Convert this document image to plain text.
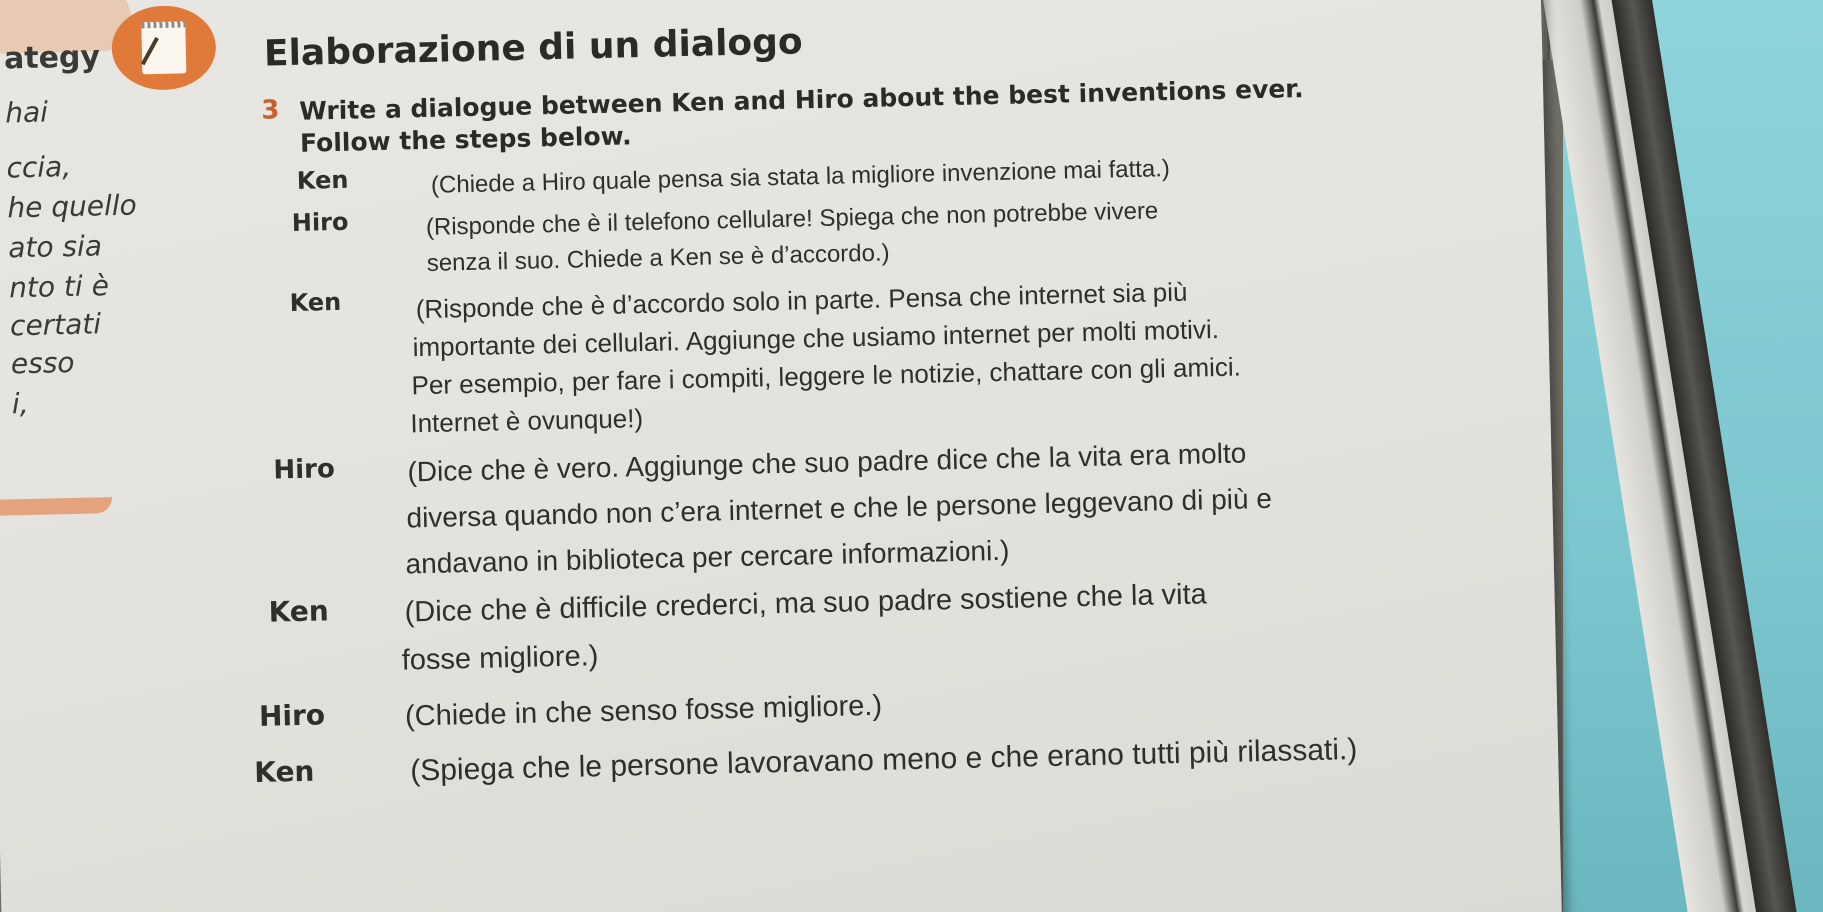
ategy
hai
ccia,
he quello
ato sia
nto ti è
certati
esso
i,
Elaborazione di un dialogo
3 Write a dialogue between Ken and Hiro about the best inventions ever.
Follow the steps below.
Ken	(Chiede a Hiro quale pensa sia stata la migliore invenzione mai fatta.)
Hiro	(Risponde che è il telefono cellulare! Spiega che non potrebbe vivere
senza il suo. Chiede a Ken se è d’accordo.)
Ken	(Risponde che è d’accordo solo in parte. Pensa che internet sia più
importante dei cellulari. Aggiunge che usiamo internet per molti motivi.
Per esempio, per fare i compiti, leggere le notizie, chattare con gli amici.
Internet è ovunque!)
Hiro	(Dice che è vero. Aggiunge che suo padre dice che la vita era molto
diversa quando non c’era internet e che le persone leggevano di più e
andavano in biblioteca per cercare informazioni.)
Ken	(Dice che è difficile crederci, ma suo padre sostiene che la vita
fosse migliore.)
Hiro	(Chiede in che senso fosse migliore.)
Ken	(Spiega che le persone lavoravano meno e che erano tutti più rilassati.)
